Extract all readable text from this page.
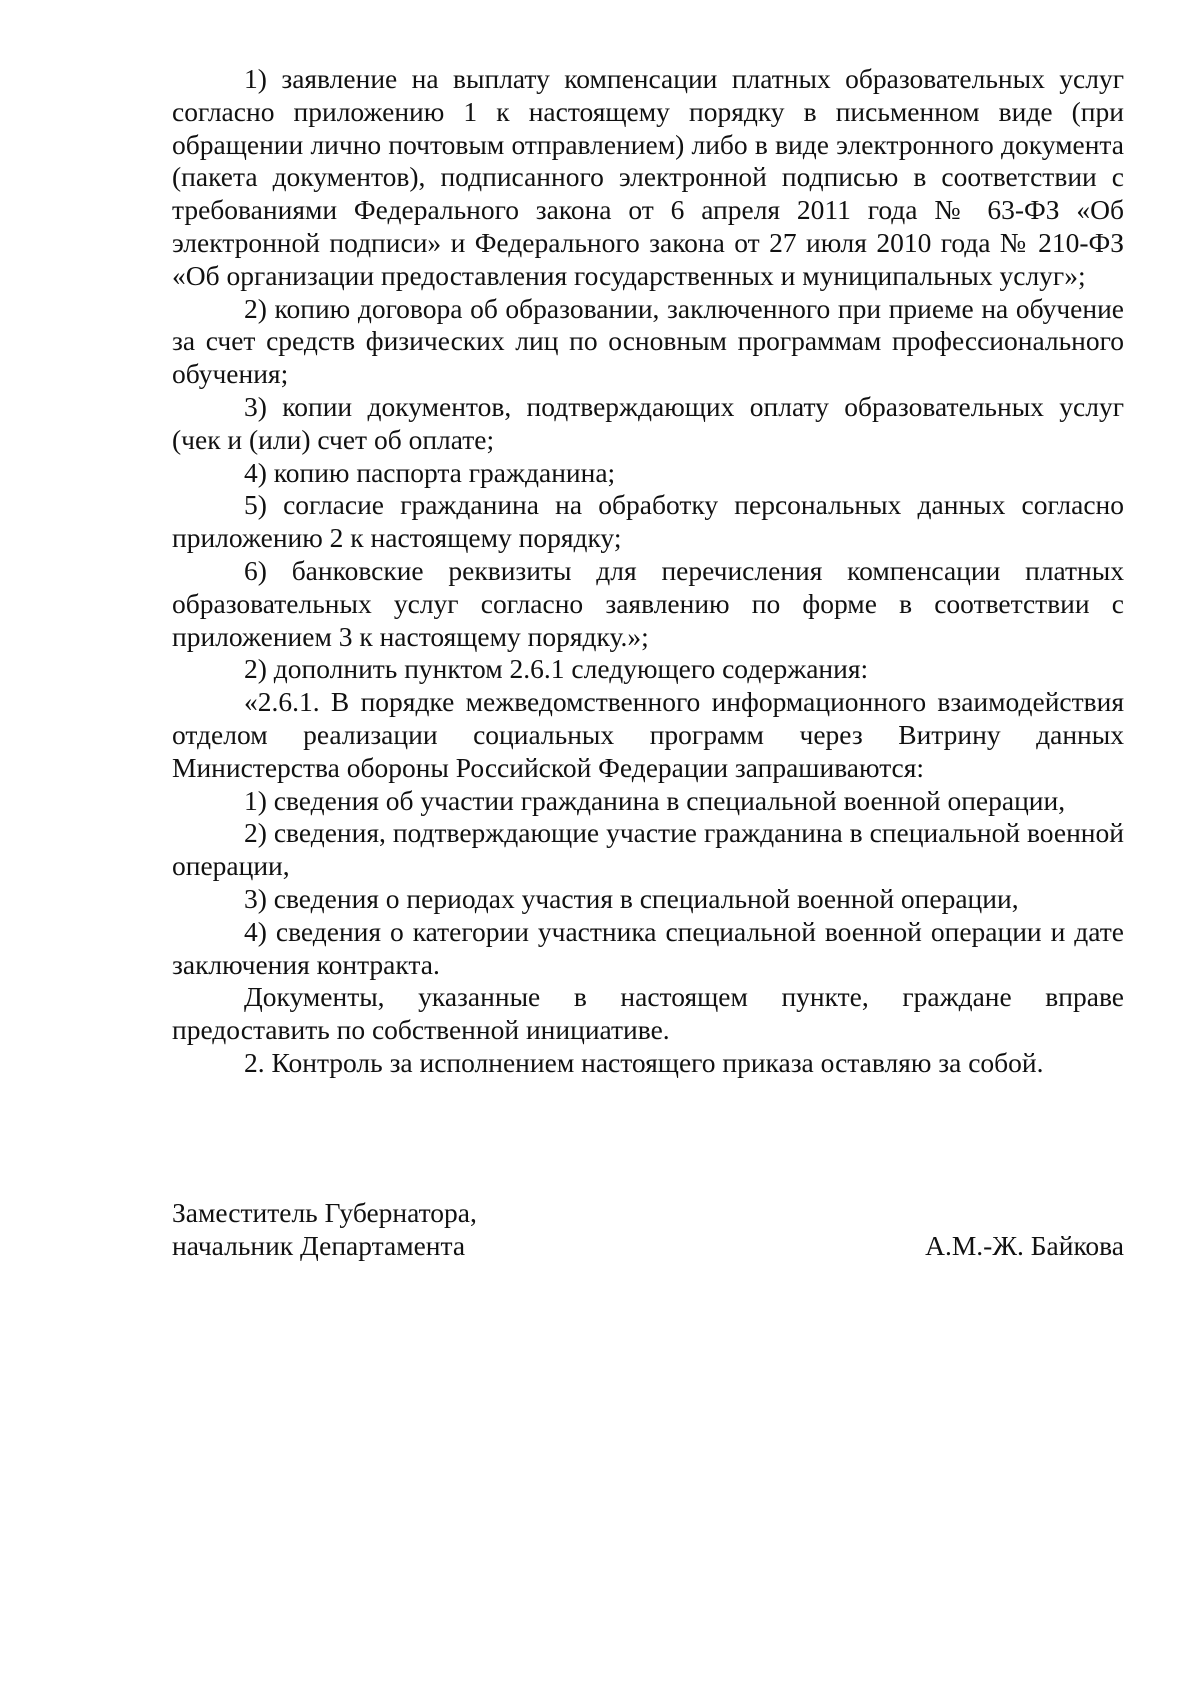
1) заявление на выплату компенсации платных образовательных услуг согласно приложению 1 к настоящему порядку в письменном виде (при обращении лично почтовым отправлением) либо в виде электронного документа (пакета документов), подписанного электронной подписью в соответствии с требованиями Федерального закона от 6 апреля 2011 года № 63-ФЗ «Об электронной подписи» и Федерального закона от 27 июля 2010 года № 210-ФЗ «Об организации предоставления государственных и муниципальных услуг»;

2) копию договора об образовании, заключенного при приеме на обучение за счет средств физических лиц по основным программам профессионального обучения;

3) копии документов, подтверждающих оплату образовательных услуг (чек и (или) счет об оплате;

4) копию паспорта гражданина;

5) согласие гражданина на обработку персональных данных согласно приложению 2 к настоящему порядку;

6) банковские реквизиты для перечисления компенсации платных образовательных услуг согласно заявлению по форме в соответствии с приложением 3 к настоящему порядку.»;

2) дополнить пунктом 2.6.1 следующего содержания:

«2.6.1. В порядке межведомственного информационного взаимодействия отделом реализации социальных программ через Витрину данных Министерства обороны Российской Федерации запрашиваются:

1) сведения об участии гражданина в специальной военной операции,

2) сведения, подтверждающие участие гражданина в специальной военной операции,

3) сведения о периодах участия в специальной военной операции,

4) сведения о категории участника специальной военной операции и дате заключения контракта.

Документы, указанные в настоящем пункте, граждане вправе предоставить по собственной инициативе.

2. Контроль за исполнением настоящего приказа оставляю за собой.

Заместитель Губернатора,
начальник Департамента	А.М.-Ж. Байкова
